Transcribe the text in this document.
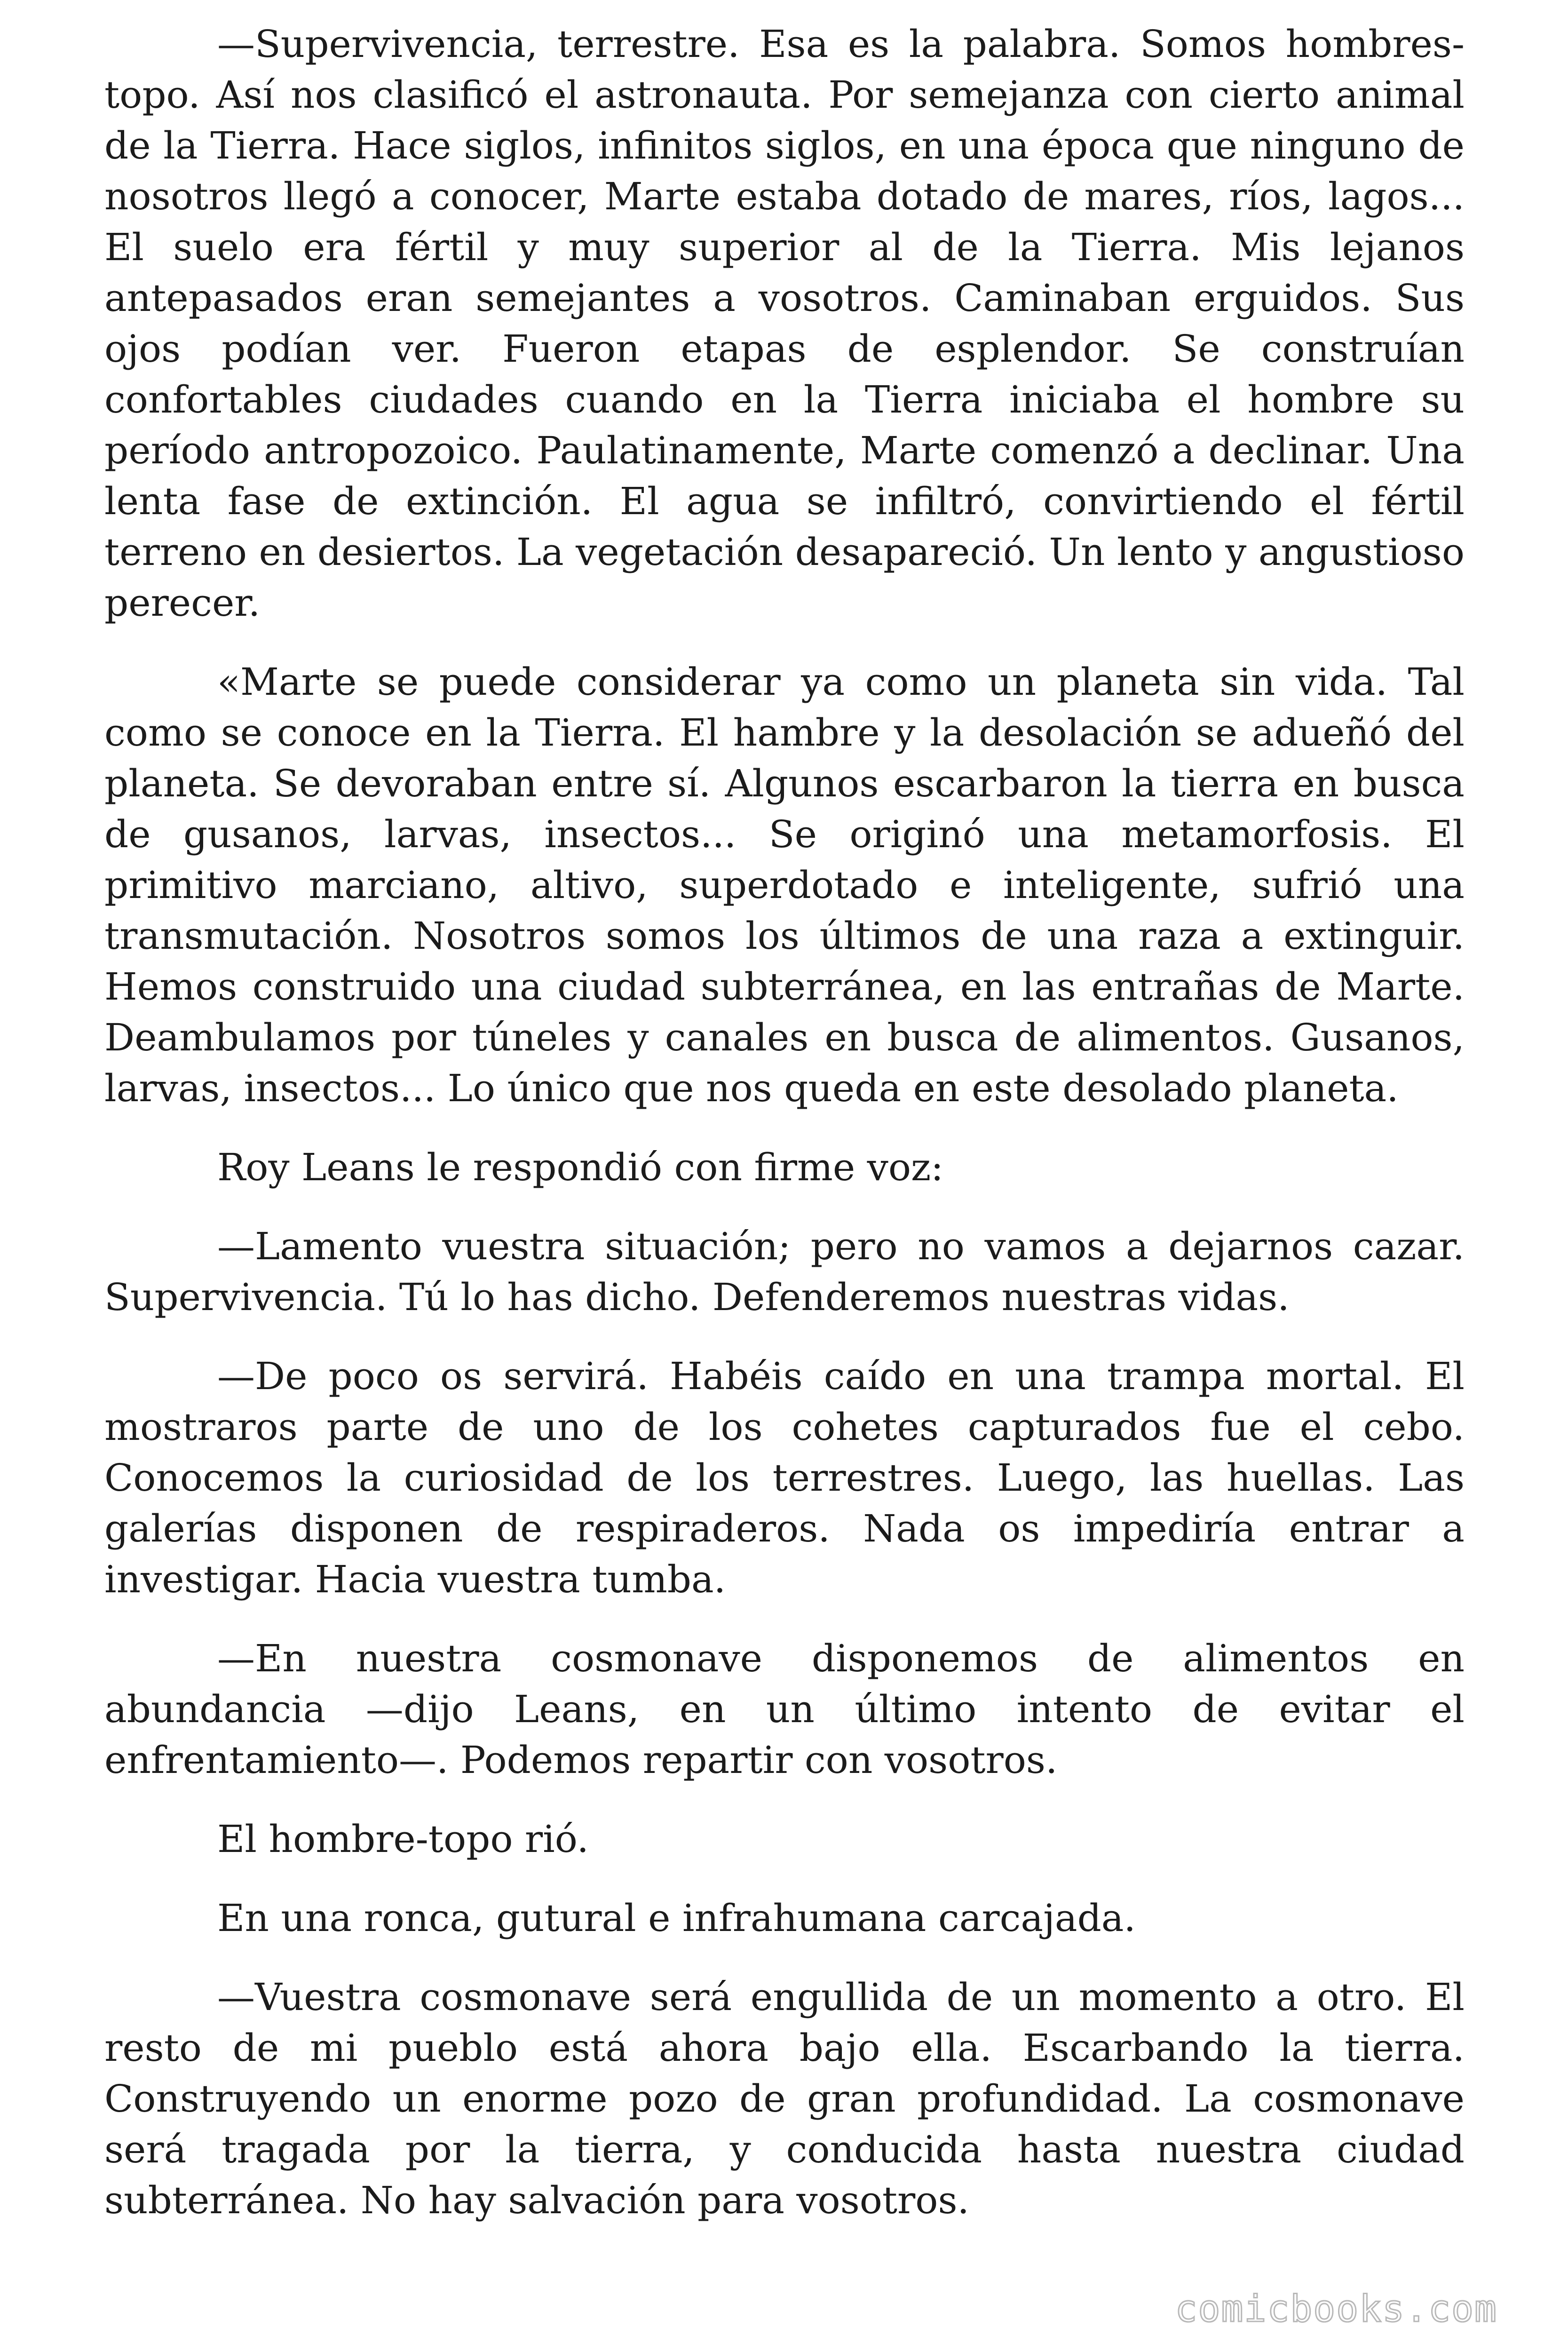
—Supervivencia, terrestre. Esa es la palabra. Somos hombres-topo. Así nos clasificó el astronauta. Por semejanza con cierto animal de la Tierra. Hace siglos, infinitos siglos, en una época que ninguno de nosotros llegó a conocer, Marte estaba dotado de mares, ríos, lagos... El suelo era fértil y muy superior al de la Tierra. Mis lejanos antepasados eran semejantes a vosotros. Caminaban erguidos. Sus ojos podían ver. Fueron etapas de esplendor. Se construían confortables ciudades cuando en la Tierra iniciaba el hombre su período antropozoico. Paulatinamente, Marte comenzó a declinar. Una lenta fase de extinción. El agua se infiltró, convirtiendo el fértil terreno en desiertos. La vegetación desapareció. Un lento y angustioso perecer.

«Marte se puede considerar ya como un planeta sin vida. Tal como se conoce en la Tierra. El hambre y la desolación se adueñó del planeta. Se devoraban entre sí. Algunos escarbaron la tierra en busca de gusanos, larvas, insectos... Se originó una metamorfosis. El primitivo marciano, altivo, superdotado e inteligente, sufrió una transmutación. Nosotros somos los últimos de una raza a extinguir. Hemos construido una ciudad subterránea, en las entrañas de Marte. Deambulamos por túneles y canales en busca de alimentos. Gusanos, larvas, insectos... Lo único que nos queda en este desolado planeta.

Roy Leans le respondió con firme voz:

—Lamento vuestra situación; pero no vamos a dejarnos cazar. Supervivencia. Tú lo has dicho. Defenderemos nuestras vidas.

—De poco os servirá. Habéis caído en una trampa mortal. El mostraros parte de uno de los cohetes capturados fue el cebo. Conocemos la curiosidad de los terrestres. Luego, las huellas. Las galerías disponen de respiraderos. Nada os impediría entrar a investigar. Hacia vuestra tumba.

—En nuestra cosmonave disponemos de alimentos en abundancia —dijo Leans, en un último intento de evitar el enfrentamiento—. Podemos repartir con vosotros.

El hombre-topo rió.

En una ronca, gutural e infrahumana carcajada.

—Vuestra cosmonave será engullida de un momento a otro. El resto de mi pueblo está ahora bajo ella. Escarbando la tierra. Construyendo un enorme pozo de gran profundidad. La cosmonave será tragada por la tierra, y conducida hasta nuestra ciudad subterránea. No hay salvación para vosotros.

comicbooks.com
